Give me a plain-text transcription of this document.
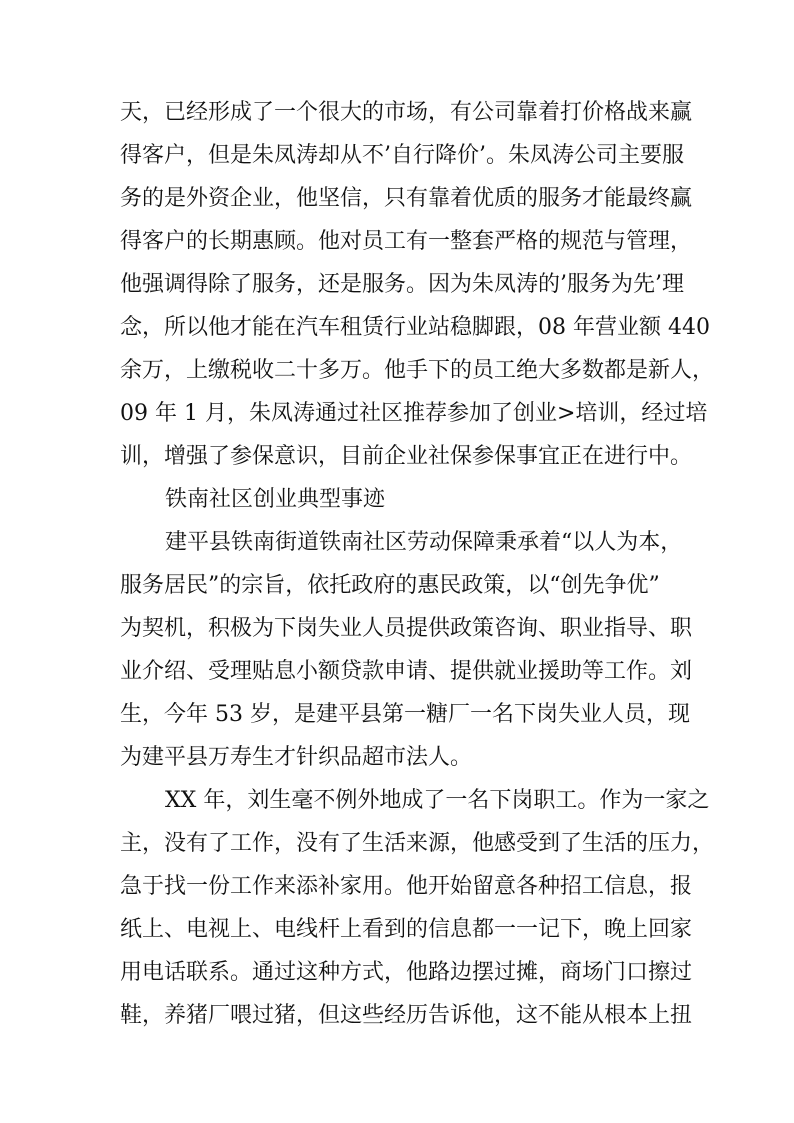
天，已经形成了一个很大的市场，有公司靠着打价格战来赢

得客户，但是朱凤涛却从不’自行降价’。朱凤涛公司主要服

务的是外资企业，他坚信，只有靠着优质的服务才能最终赢

得客户的长期惠顾。他对员工有一整套严格的规范与管理，

他强调得除了服务，还是服务。因为朱凤涛的’服务为先’理

念，所以他才能在汽车租赁行业站稳脚跟，08 年营业额 440

余万，上缴税收二十多万。他手下的员工绝大多数都是新人，

09 年 1 月，朱凤涛通过社区推荐参加了创业>培训，经过培

训，增强了参保意识，目前企业社保参保事宜正在进行中。

铁南社区创业典型事迹

建平县铁南街道铁南社区劳动保障秉承着“以人为本，

服务居民”的宗旨，依托政府的惠民政策，以“创先争优”

为契机，积极为下岗失业人员提供政策咨询、职业指导、职

业介绍、受理贴息小额贷款申请、提供就业援助等工作。刘

生，今年 53 岁，是建平县第一糖厂一名下岗失业人员，现

为建平县万寿生才针织品超市法人。

XX 年，刘生毫不例外地成了一名下岗职工。作为一家之

主，没有了工作，没有了生活来源，他感受到了生活的压力，

急于找一份工作来添补家用。他开始留意各种招工信息，报

纸上、电视上、电线杆上看到的信息都一一记下，晚上回家

用电话联系。通过这种方式，他路边摆过摊，商场门口擦过

鞋，养猪厂喂过猪，但这些经历告诉他，这不能从根本上扭
